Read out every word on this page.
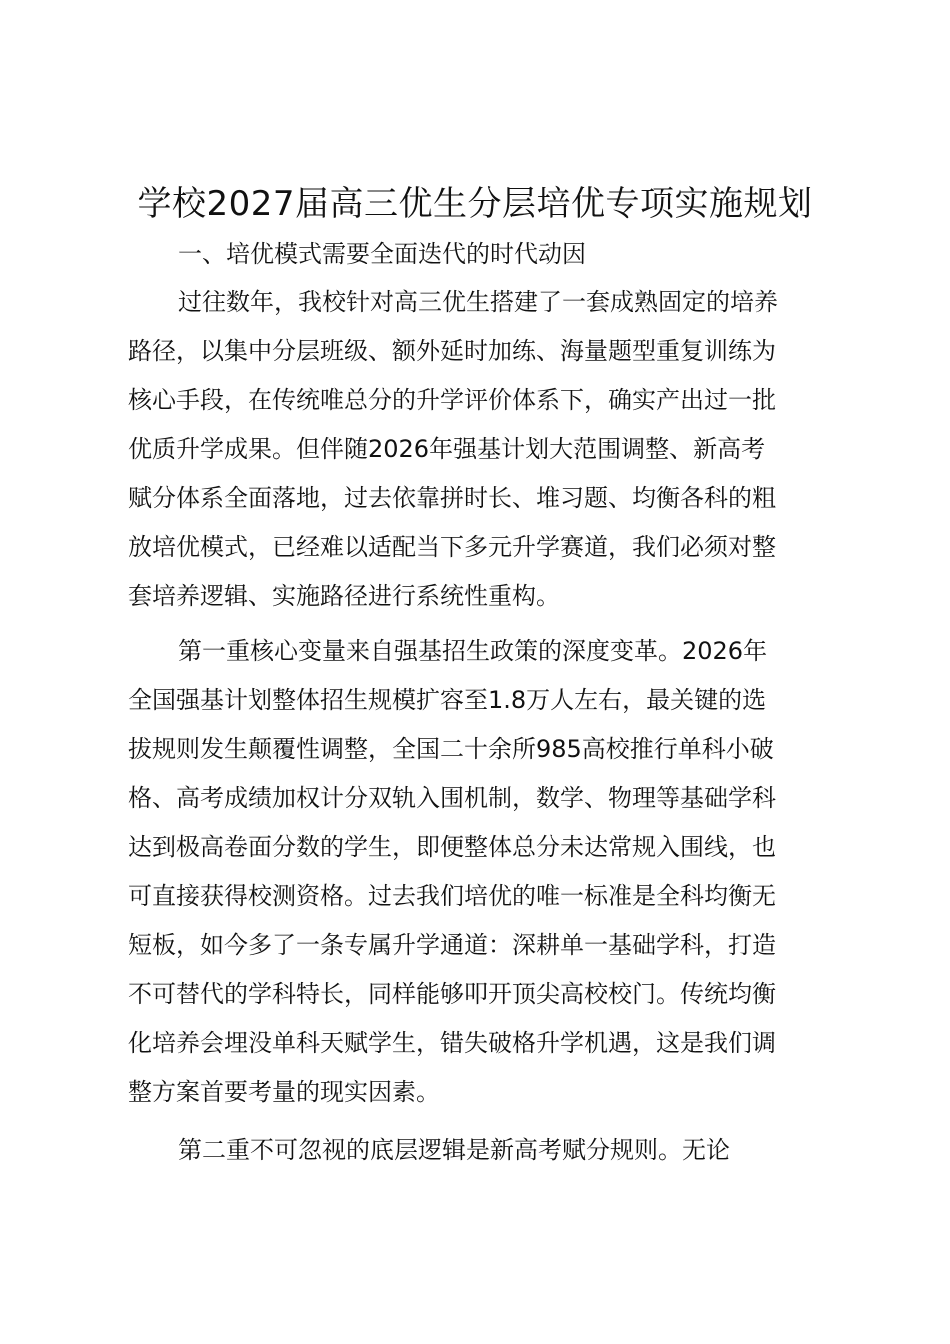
学校2027届高三优生分层培优专项实施规划
一、培优模式需要全面迭代的时代动因
过往数年，我校针对高三优生搭建了一套成熟固定的培养
路径，以集中分层班级、额外延时加练、海量题型重复训练为
核心手段，在传统唯总分的升学评价体系下，确实产出过一批
优质升学成果。但伴随2026年强基计划大范围调整、新高考
赋分体系全面落地，过去依靠拼时长、堆习题、均衡各科的粗
放培优模式，已经难以适配当下多元升学赛道，我们必须对整
套培养逻辑、实施路径进行系统性重构。
第一重核心变量来自强基招生政策的深度变革。2026年
全国强基计划整体招生规模扩容至1.8万人左右，最关键的选
拔规则发生颠覆性调整，全国二十余所985高校推行单科小破
格、高考成绩加权计分双轨入围机制，数学、物理等基础学科
达到极高卷面分数的学生，即便整体总分未达常规入围线，也
可直接获得校测资格。过去我们培优的唯一标准是全科均衡无
短板，如今多了一条专属升学通道：深耕单一基础学科，打造
不可替代的学科特长，同样能够叩开顶尖高校校门。传统均衡
化培养会埋没单科天赋学生，错失破格升学机遇，这是我们调
整方案首要考量的现实因素。
第二重不可忽视的底层逻辑是新高考赋分规则。无论
